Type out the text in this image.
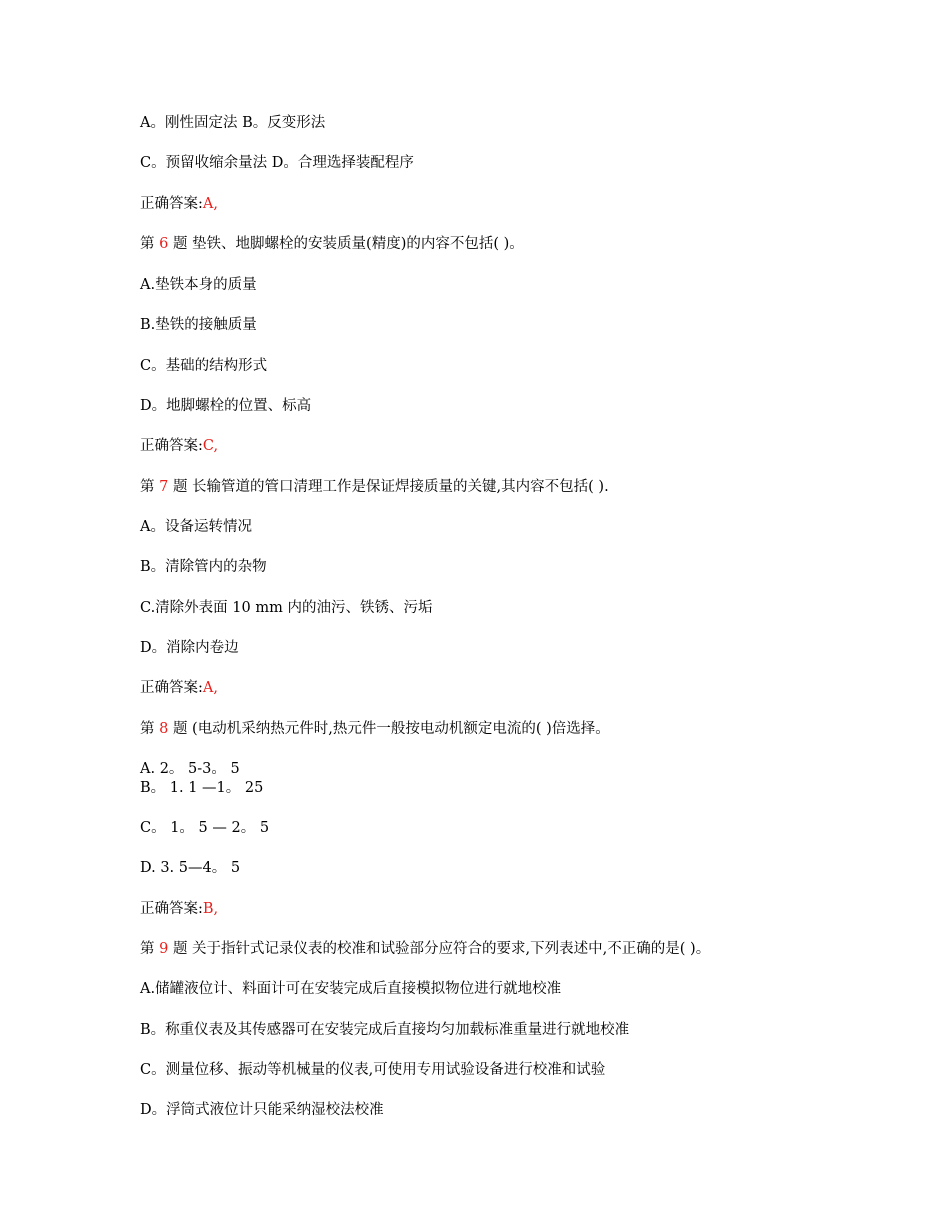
A。刚性固定法 B。反变形法
C。预留收缩余量法 D。合理选择装配程序
正确答案:A,
第 6 题 垫铁、地脚螺栓的安装质量(精度)的内容不包括( )。
A.垫铁本身的质量
B.垫铁的接触质量
C。基础的结构形式
D。地脚螺栓的位置、标高
正确答案:C,
第 7 题 长输管道的管口清理工作是保证焊接质量的关键,其内容不包括( ).
A。设备运转情况
B。清除管内的杂物
C.清除外表面 10 mm 内的油污、铁锈、污垢
D。消除内卷边
正确答案:A,
第 8 题 (电动机采纳热元件时,热元件一般按电动机额定电流的( )倍选择。
A. 2。 5-3。 5
B。 1. 1 —1。 25
C。 1。 5 — 2。 5
D. 3. 5—4。 5
正确答案:B,
第 9 题 关于指针式记录仪表的校准和试验部分应符合的要求,下列表述中,不正确的是( )。
A.储罐液位计、料面计可在安装完成后直接模拟物位进行就地校准
B。称重仪表及其传感器可在安装完成后直接均匀加载标准重量进行就地校准
C。测量位移、振动等机械量的仪表,可使用专用试验设备进行校准和试验
D。浮筒式液位计只能采纳湿校法校准
